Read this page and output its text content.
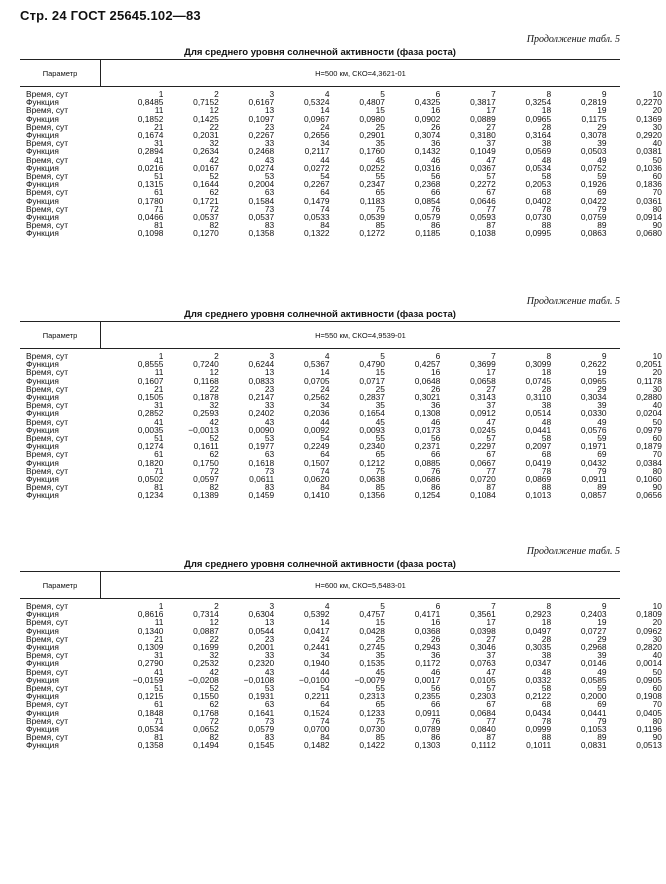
Стр. 24 ГОСТ 25645.102—83
Продолжение табл. 5
Для среднего уровня солнечной активности (фаза роста)
Параметр	H=500 км, СКО=4,3621-01
Время, сут	1	2	3	4	5	6	7	8	9	10
Функция	0,8485	0,7152	0,6167	0,5324	0,4807	0,4325	0,3817	0,3254	0,2819	0,2270
Время, сут	11	12	13	14	15	16	17	18	19	20
Функция	0,1852	0,1425	0,1097	0,0967	0,0980	0,0902	0,0889	0,0965	0,1175	0,1369
Время, сут	21	22	23	24	25	26	27	28	29	30
Функция	0,1674	0,2031	0,2267	0,2656	0,2901	0,3074	0,3180	0,3164	0,3078	0,2920
Время, сут	31	32	33	34	35	36	37	38	39	40
Функция	0,2894	0,2634	0,2468	0,2117	0,1760	0,1432	0,1049	0,0569	0,0503	0,0381
Время, сут	41	42	43	44	45	46	47	48	49	50
Функция	0,0216	0,0167	0,0274	0,0272	0,0252	0,0316	0,0367	0,0534	0,0752	0,1036
Время, сут	51	52	53	54	55	56	57	58	59	60
Функция	0,1315	0,1644	0,2004	0,2267	0,2347	0,2368	0,2272	0,2053	0,1926	0,1836
Время, сут	61	62	63	64	65	66	67	68	69	70
Функция	0,1780	0,1721	0,1584	0,1479	0,1183	0,0854	0,0646	0,0402	0,0422	0,0361
Время, сут	71	72	73	74	75	76	77	78	79	80
Функция	0,0466	0,0537	0,0537	0,0533	0,0539	0,0579	0,0593	0,0730	0,0759	0,0914
Время, сут	81	82	83	84	85	86	87	88	89	90
Функция	0,1098	0,1270	0,1358	0,1322	0,1272	0,1185	0,1038	0,0995	0,0863	0,0680
Продолжение табл. 5
Для среднего уровня солнечной активности (фаза роста)
Параметр	H=550 км, СКО=4,9539-01
Время, сут	1	2	3	4	5	6	7	8	9	10
Функция	0,8555	0,7240	0,6244	0,5367	0,4790	0,4257	0,3699	0,3099	0,2622	0,2051
Время, сут	11	12	13	14	15	16	17	18	19	20
Функция	0,1607	0,1168	0,0833	0,0705	0,0717	0,0648	0,0658	0,0745	0,0965	0,1178
Время, сут	21	22	23	24	25	26	27	28	29	30
Функция	0,1505	0,1878	0,2147	0,2562	0,2837	0,3021	0,3143	0,3110	0,3034	0,2880
Время, сут	31	32	33	34	35	36	37	38	39	40
Функция	0,2852	0,2593	0,2402	0,2036	0,1654	0,1308	0,0912	0,0514	0,0330	0,0204
Время, сут	41	42	43	44	45	46	47	48	49	50
Функция	0,0035	−0,0013	0,0090	0,0092	0,0093	0,0173	0,0245	0,0441	0,0576	0,0979
Время, сут	51	52	53	54	55	56	57	58	59	60
Функция	0,1274	0,1611	0,1977	0,2249	0,2340	0,2371	0,2297	0,2097	0,1971	0,1879
Время, сут	61	62	63	64	65	66	67	68	69	70
Функция	0,1820	0,1750	0,1618	0,1507	0,1212	0,0885	0,0667	0,0419	0,0432	0,0384
Время, сут	71	72	73	74	75	76	77	78	79	80
Функция	0,0502	0,0597	0,0611	0,0620	0,0638	0,0686	0,0720	0,0869	0,0911	0,1060
Время, сут	81	82	83	84	85	86	87	88	89	90
Функция	0,1234	0,1389	0,1459	0,1410	0,1356	0,1254	0,1084	0,1013	0,0857	0,0656
Продолжение табл. 5
Для среднего уровня солнечной активности (фаза роста)
Параметр	H=600 км, СКО=5,5483-01
Время, сут	1	2	3	4	5	6	7	8	9	10
Функция	0,8616	0,7314	0,6304	0,5392	0,4757	0,4171	0,3561	0,2923	0,2403	0,1809
Время, сут	11	12	13	14	15	16	17	18	19	20
Функция	0,1340	0,0887	0,0544	0,0417	0,0428	0,0368	0,0398	0,0497	0,0727	0,0962
Время, сут	21	22	23	24	25	26	27	28	29	30
Функция	0,1309	0,1699	0,2001	0,2441	0,2745	0,2943	0,3046	0,3035	0,2968	0,2820
Время, сут	31	32	33	34	35	36	37	38	39	40
Функция	0,2790	0,2532	0,2320	0,1940	0,1535	0,1172	0,0763	0,0347	0,0146	0,0014
Время, сут	41	42	43	44	45	46	47	48	49	50
Функция	−0,0159	−0,0208	−0,0108	−0,0100	−0,0079	0,0017	0,0105	0,0332	0,0585	0,0905
Время, сут	51	52	53	54	55	56	57	58	59	60
Функция	0,1215	0,1550	0,1931	0,2211	0,2313	0,2355	0,2303	0,2122	0,2000	0,1908
Время, сут	61	62	63	64	65	66	67	68	69	70
Функция	0,1848	0,1768	0,1641	0,1524	0,1233	0,0911	0,0684	0,0434	0,0441	0,0405
Время, сут	71	72	73	74	75	76	77	78	79	80
Функция	0,0534	0,0652	0,0579	0,0700	0,0730	0,0789	0,0840	0,0999	0,1053	0,1196
Время, сут	81	82	83	84	85	86	87	88	89	90
Функция	0,1358	0,1494	0,1545	0,1482	0,1422	0,1303	0,1112	0,1011	0,0831	0,0513
